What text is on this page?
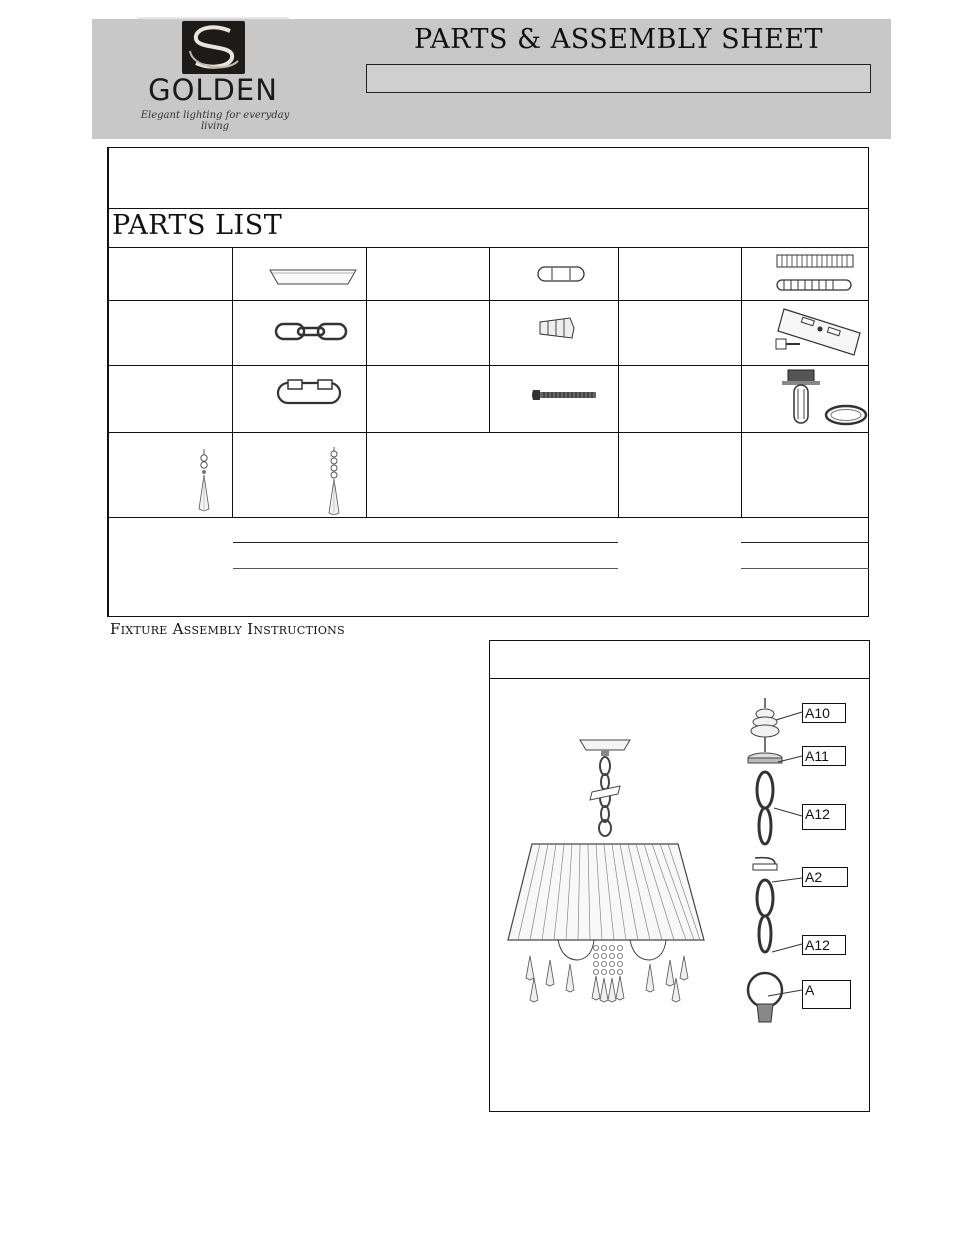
GOLDEN
Elegant lighting for everyday living
PARTS & ASSEMBLY SHEET
PARTS LIST
Fixture Assembly Instructions
A10
A11
A12
A2
A12
A
